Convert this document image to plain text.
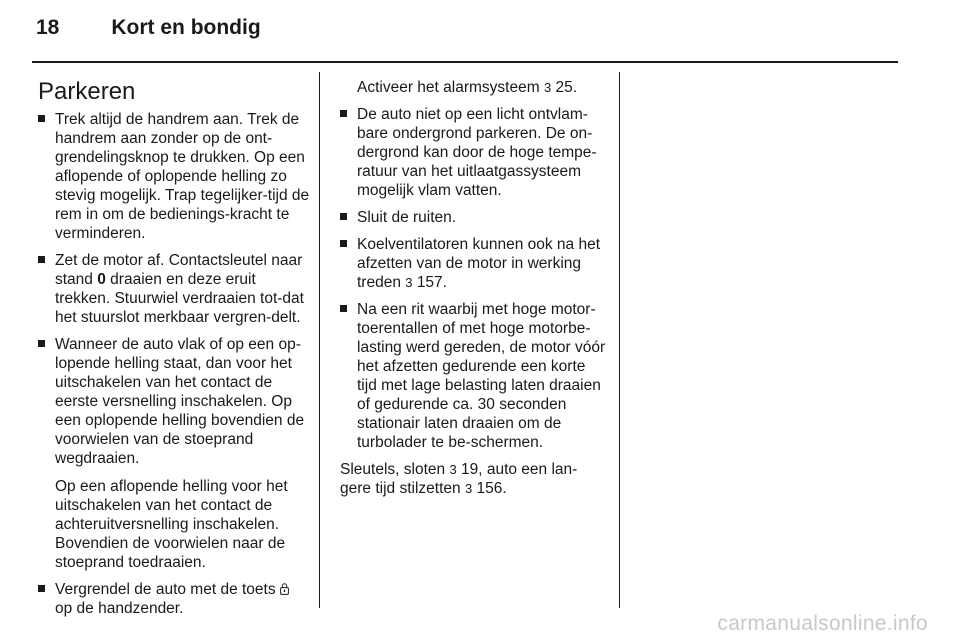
18 Kort en bondig
Parkeren

Trek altijd de handrem aan. Trek de handrem aan zonder op de ont-grendelingsknop te drukken. Op een aflopende of oplopende helling zo stevig mogelijk. Trap tegelijker-tijd de rem in om de bedienings-kracht te verminderen.

Zet de motor af. Contactsleutel naar stand 0 draaien en deze eruit trekken. Stuurwiel verdraaien tot-dat het stuurslot merkbaar vergren-delt.

Wanneer de auto vlak of op een op-lopende helling staat, dan voor het uitschakelen van het contact de eerste versnelling inschakelen. Op een oplopende helling bovendien de voorwielen van de stoeprand wegdraaien.

Op een aflopende helling voor het uitschakelen van het contact de achteruitversnelling inschakelen. Bovendien de voorwielen naar de stoeprand toedraaien.

Vergrendel de auto met de toets  op de handzender.

Activeer het alarmsysteem 3 25.

De auto niet op een licht ontvlam-bare ondergrond parkeren. De on-dergrond kan door de hoge tempe-ratuur van het uitlaatgassysteem mogelijk vlam vatten.

Sluit de ruiten.

Koelventilatoren kunnen ook na het afzetten van de motor in werking treden 3 157.

Na een rit waarbij met hoge motor-toerentallen of met hoge motorbe-lasting werd gereden, de motor vóór het afzetten gedurende een korte tijd met lage belasting laten draaien of gedurende ca. 30 seconden stationair laten draaien om de turbolader te be-schermen.

Sleutels, sloten 3 19, auto een lan-gere tijd stilzetten 3 156.

carmanualsonline.info
